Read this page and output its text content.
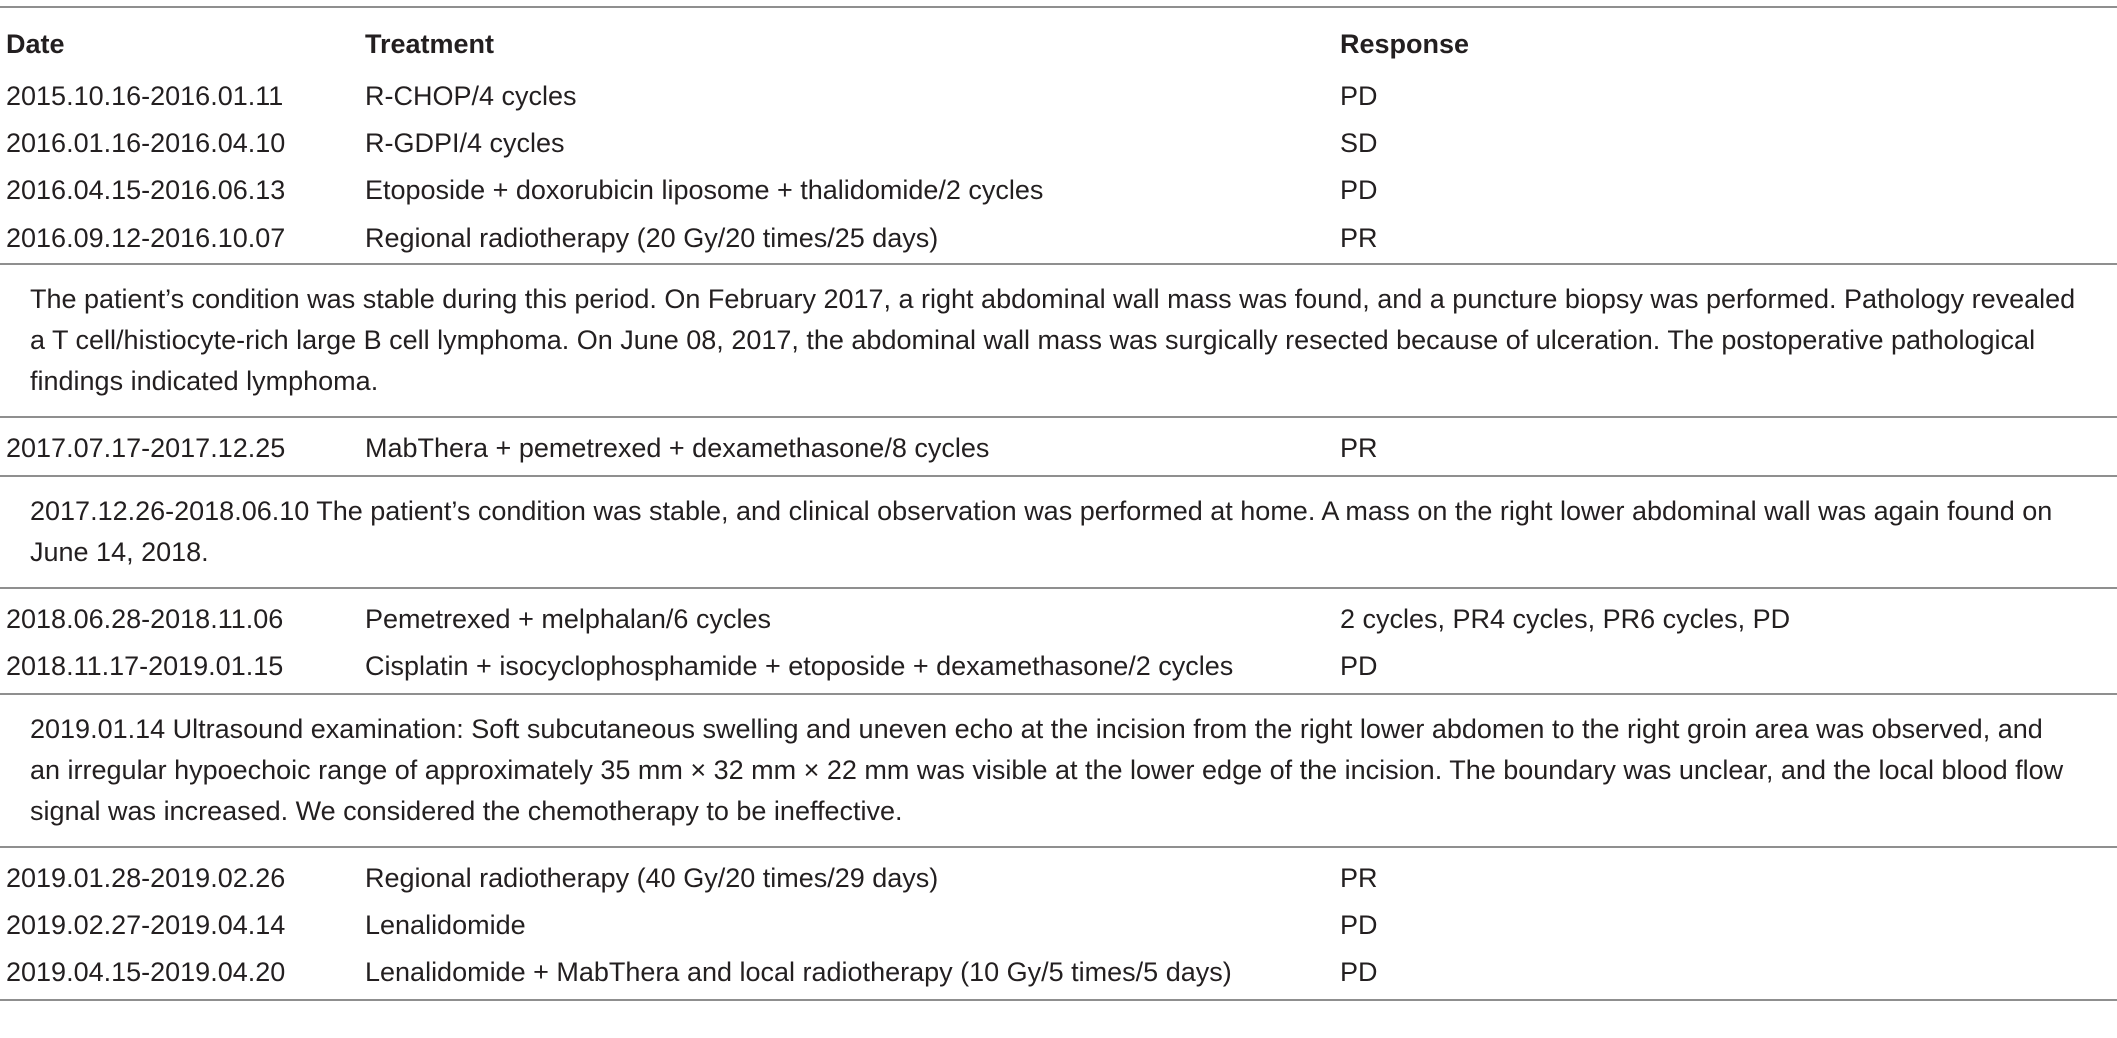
Date	Treatment	Response
2015.10.16-2016.01.11	R-CHOP/4 cycles	PD
2016.01.16-2016.04.10	R-GDPI/4 cycles	SD
2016.04.15-2016.06.13	Etoposide + doxorubicin liposome + thalidomide/2 cycles	PD
2016.09.12-2016.10.07	Regional radiotherapy (20 Gy/20 times/25 days)	PR
The patient’s condition was stable during this period. On February 2017, a right abdominal wall mass was found, and a puncture biopsy was performed. Pathology revealed a T cell/histiocyte-rich large B cell lymphoma. On June 08, 2017, the abdominal wall mass was surgically resected because of ulceration. The postoperative pathological findings indicated lymphoma.
2017.07.17-2017.12.25	MabThera + pemetrexed + dexamethasone/8 cycles	PR
2017.12.26-2018.06.10 The patient’s condition was stable, and clinical observation was performed at home. A mass on the right lower abdominal wall was again found on June 14, 2018.
2018.06.28-2018.11.06	Pemetrexed + melphalan/6 cycles	2 cycles, PR4 cycles, PR6 cycles, PD
2018.11.17-2019.01.15	Cisplatin + isocyclophosphamide + etoposide + dexamethasone/2 cycles	PD
2019.01.14 Ultrasound examination: Soft subcutaneous swelling and uneven echo at the incision from the right lower abdomen to the right groin area was observed, and an irregular hypoechoic range of approximately 35 mm × 32 mm × 22 mm was visible at the lower edge of the incision. The boundary was unclear, and the local blood flow signal was increased. We considered the chemotherapy to be ineffective.
2019.01.28-2019.02.26	Regional radiotherapy (40 Gy/20 times/29 days)	PR
2019.02.27-2019.04.14	Lenalidomide	PD
2019.04.15-2019.04.20	Lenalidomide + MabThera and local radiotherapy (10 Gy/5 times/5 days)	PD
